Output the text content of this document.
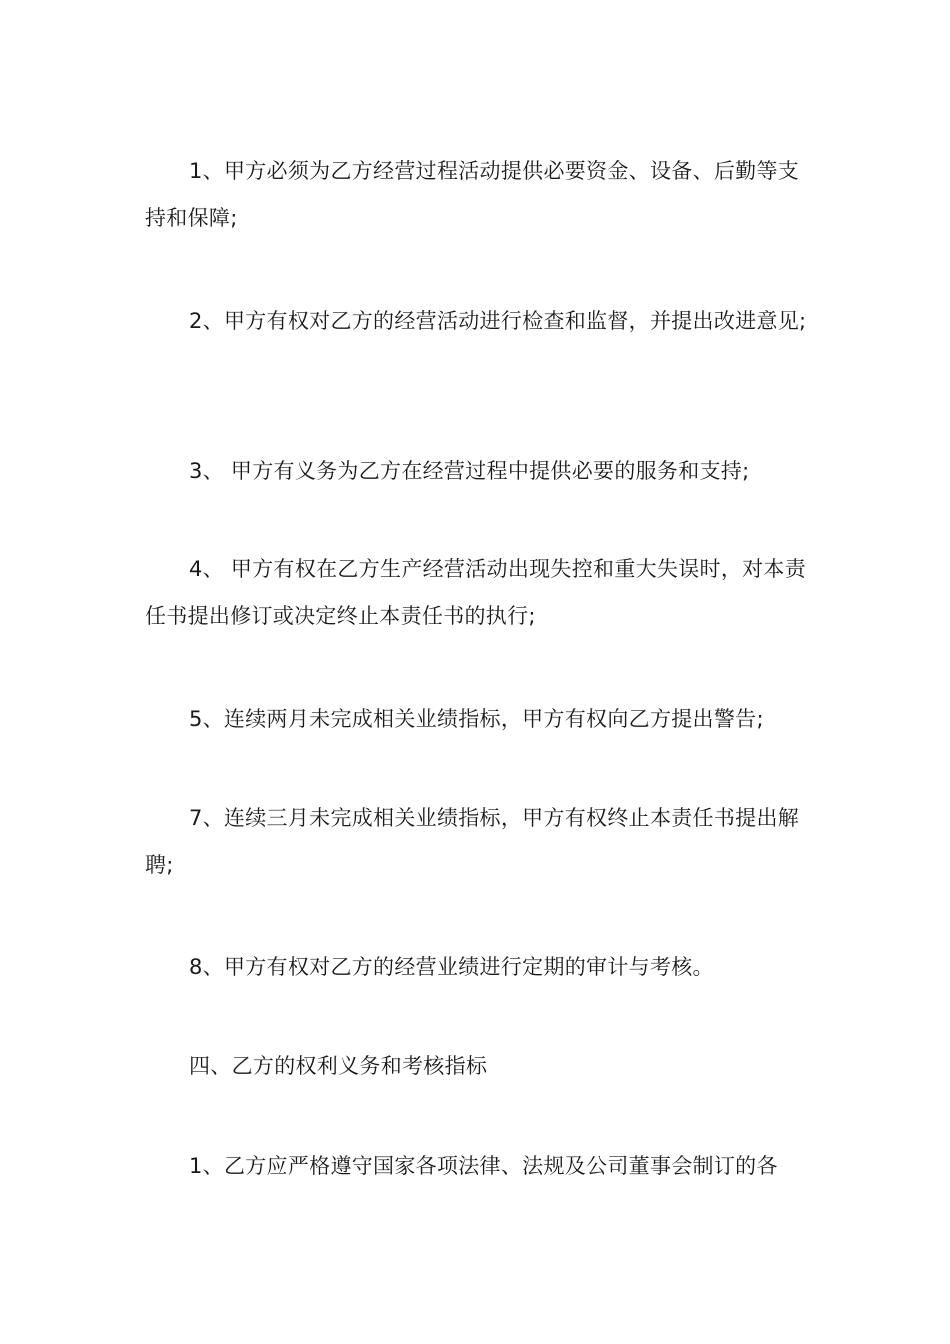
1、甲方必须为乙方经营过程活动提供必要资金、设备、后勤等支持和保障;

2、甲方有权对乙方的经营活动进行检查和监督，并提出改进意见;

3、 甲方有义务为乙方在经营过程中提供必要的服务和支持;

4、 甲方有权在乙方生产经营活动出现失控和重大失误时，对本责任书提出修订或决定终止本责任书的执行;

5、连续两月未完成相关业绩指标，甲方有权向乙方提出警告;

7、连续三月未完成相关业绩指标，甲方有权终止本责任书提出解聘;

8、甲方有权对乙方的经营业绩进行定期的审计与考核。

四、乙方的权利义务和考核指标

1、乙方应严格遵守国家各项法律、法规及公司董事会制订的各
